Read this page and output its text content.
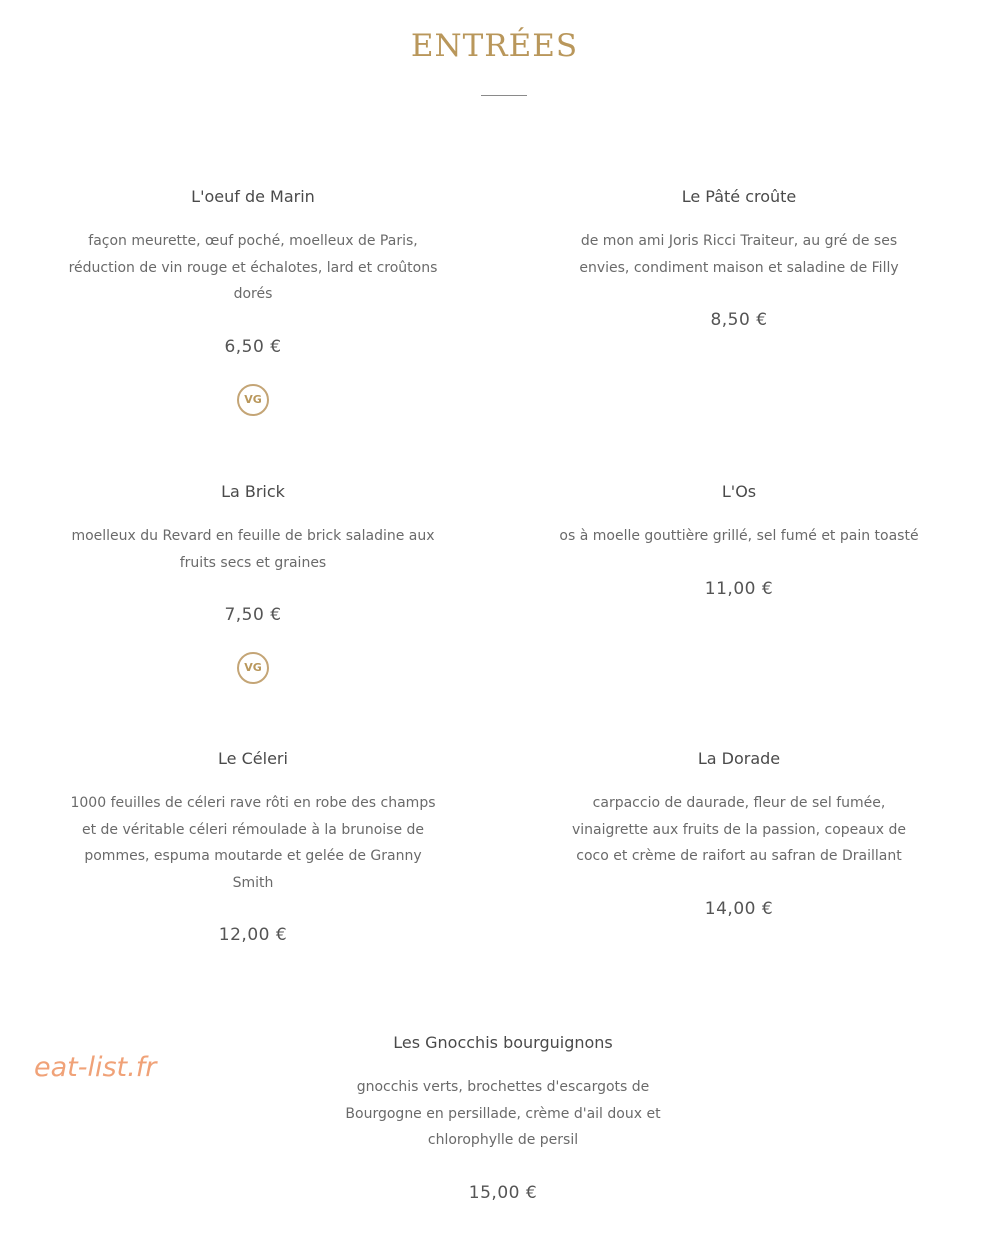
ENTRÉES
L'oeuf de Marin
façon meurette, œuf poché, moelleux de Paris, réduction de vin rouge et échalotes, lard et croûtons dorés
6,50 €
VG
Le Pâté croûte
de mon ami Joris Ricci Traiteur, au gré de ses envies, condiment maison et saladine de Filly
8,50 €
La Brick
moelleux du Revard en feuille de brick saladine aux fruits secs et graines
7,50 €
VG
L'Os
os à moelle gouttière grillé, sel fumé et pain toasté
11,00 €
Le Céleri
1000 feuilles de céleri rave rôti en robe des champs et de véritable céleri rémoulade à la brunoise de pommes, espuma moutarde et gelée de Granny Smith
12,00 €
La Dorade
carpaccio de daurade, fleur de sel fumée, vinaigrette aux fruits de la passion, copeaux de coco et crème de raifort au safran de Draillant
14,00 €
Les Gnocchis bourguignons
gnocchis verts, brochettes d'escargots de Bourgogne en persillade, crème d'ail doux et chlorophylle de persil
15,00 €
eat-list.fr
